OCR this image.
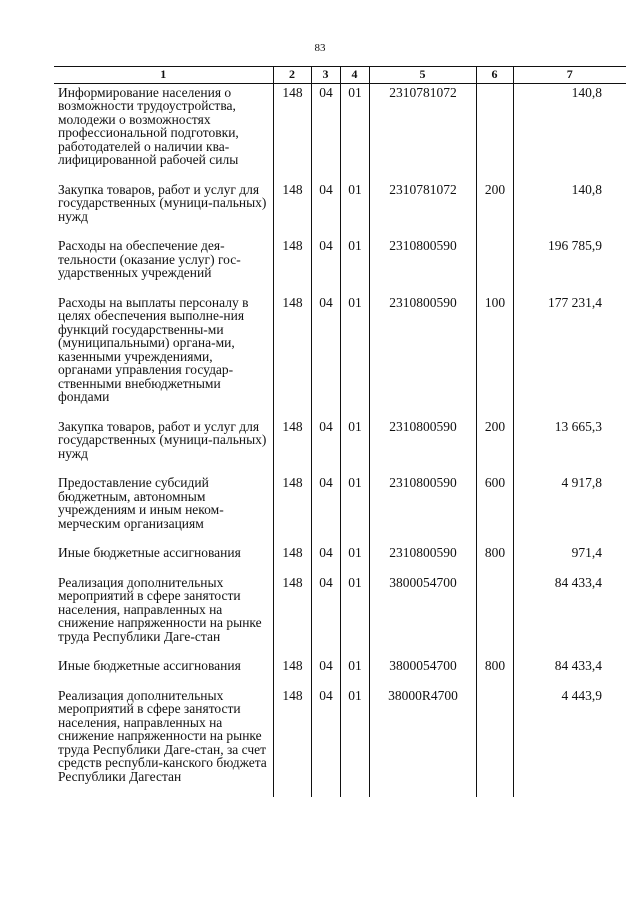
83
1	2	3	4	5	6	7
Информирование населения о возможности трудоустройства, молодежи о возможностях профессиональной подготовки, работодателей о наличии ква-лифицированной рабочей силы	148	04	01	2310781072		140,8
Закупка товаров, работ и услуг для государственных (муници-пальных) нужд	148	04	01	2310781072	200	140,8
Расходы на обеспечение дея-тельности (оказание услуг) гос-ударственных учреждений	148	04	01	2310800590		196 785,9
Расходы на выплаты персоналу в целях обеспечения выполне-ния функций государственны-ми (муниципальными) органа-ми, казенными учреждениями, органами управления государ-ственными внебюджетными фондами	148	04	01	2310800590	100	177 231,4
Закупка товаров, работ и услуг для государственных (муници-пальных) нужд	148	04	01	2310800590	200	13 665,3
Предоставление субсидий бюджетным, автономным учреждениям и иным неком-мерческим организациям	148	04	01	2310800590	600	4 917,8
Иные бюджетные ассигнования	148	04	01	2310800590	800	971,4
Реализация дополнительных мероприятий в сфере занятости населения, направленных на снижение напряженности на рынке труда Республики Даге-стан	148	04	01	3800054700		84 433,4
Иные бюджетные ассигнования	148	04	01	3800054700	800	84 433,4
Реализация дополнительных мероприятий в сфере занятости населения, направленных на снижение напряженности на рынке труда Республики Даге-стан, за счет средств республи-канского бюджета Республики Дагестан	148	04	01	38000R4700		4 443,9
